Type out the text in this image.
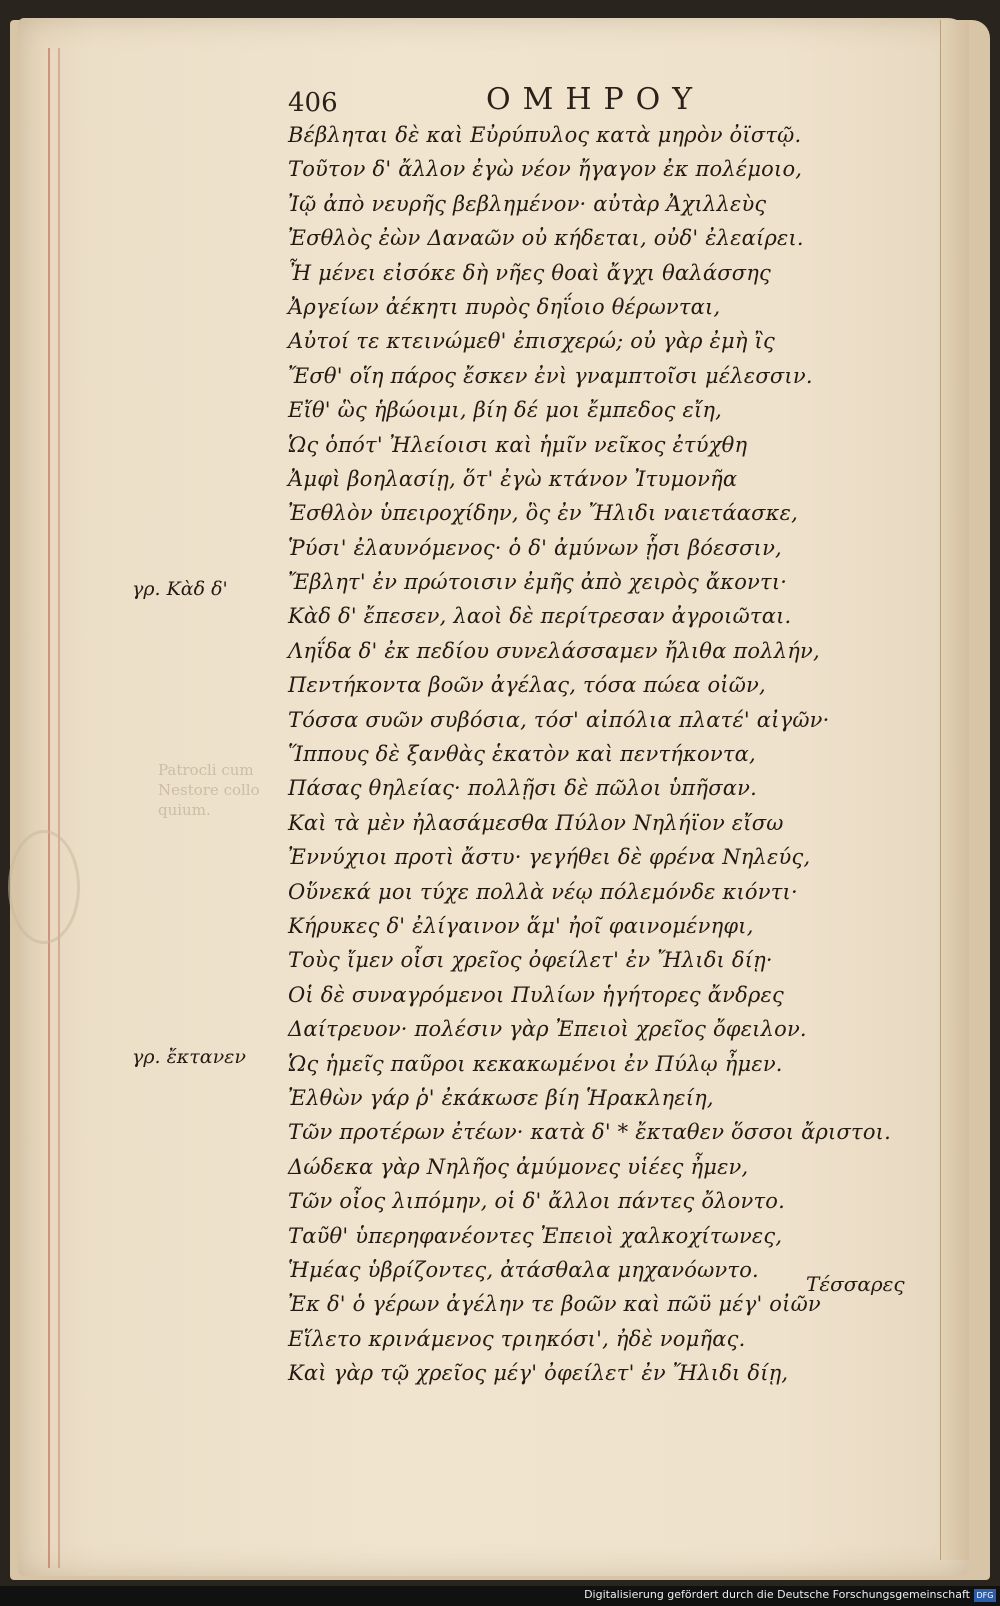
406	ΟΜΗΡΟΥ
Βέβληται δὲ καὶ Εὐρύπυλος κατὰ μηρὸν ὀϊστῷ.
Τοῦτον δ' ἄλλον ἐγὼ νέον ἤγαγον ἐκ πολέμοιο,
Ἰῷ ἀπὸ νευρῆς βεβλημένον· αὐτὰρ Ἀχιλλεὺς
Ἐσθλὸς ἐὼν Δαναῶν οὐ κήδεται, οὐδ' ἐλεαίρει.
Ἦ μένει εἰσόκε δὴ νῆες θοαὶ ἄγχι θαλάσσης
Ἀργείων ἀέκητι πυρὸς δηΐοιο θέρωνται,
Αὐτοί τε κτεινώμεθ' ἐπισχερώ; οὐ γὰρ ἐμὴ ἲς
Ἔσθ' οἵη πάρος ἔσκεν ἐνὶ γναμπτοῖσι μέλεσσιν.
Εἴθ' ὣς ἡβώοιμι, βίη δέ μοι ἔμπεδος εἴη,
Ὡς ὁπότ' Ἠλείοισι καὶ ἡμῖν νεῖκος ἐτύχθη
Ἀμφὶ βοηλασίῃ, ὅτ' ἐγὼ κτάνον Ἰτυμονῆα
Ἐσθλὸν ὑπειροχίδην, ὃς ἐν Ἤλιδι ναιετάασκε,
Ῥύσι' ἐλαυνόμενος· ὁ δ' ἀμύνων ᾗσι βόεσσιν,
Ἔβλητ' ἐν πρώτοισιν ἐμῆς ἀπὸ χειρὸς ἄκοντι·
Κὰδ δ' ἔπεσεν, λαοὶ δὲ περίτρεσαν ἀγροιῶται.
Ληΐδα δ' ἐκ πεδίου συνελάσσαμεν ἤλιθα πολλήν,
Πεντήκοντα βοῶν ἀγέλας, τόσα πώεα οἰῶν,
Τόσσα συῶν συβόσια, τόσ' αἰπόλια πλατέ' αἰγῶν·
Ἵππους δὲ ξανθὰς ἑκατὸν καὶ πεντήκοντα,
Πάσας θηλείας· πολλῇσι δὲ πῶλοι ὑπῆσαν.
Καὶ τὰ μὲν ἠλασάμεσθα Πύλον Νηλήϊον εἴσω
Ἐννύχιοι προτὶ ἄστυ· γεγήθει δὲ φρένα Νηλεύς,
Οὕνεκά μοι τύχε πολλὰ νέῳ πόλεμόνδε κιόντι·
Κήρυκες δ' ἐλίγαινον ἅμ' ἠοῖ φαινομένηφι,
Τοὺς ἴμεν οἷσι χρεῖος ὀφείλετ' ἐν Ἤλιδι δίῃ·
Οἱ δὲ συναγρόμενοι Πυλίων ἡγήτορες ἄνδρες
Δαίτρευον· πολέσιν γὰρ Ἐπειοὶ χρεῖος ὄφειλον.
Ὡς ἡμεῖς παῦροι κεκακωμένοι ἐν Πύλῳ ἦμεν.
Ἐλθὼν γάρ ῥ' ἐκάκωσε βίη Ἡρακληείη,
Τῶν προτέρων ἐτέων· κατὰ δ' * ἔκταθεν ὅσσοι ἄριστοι.
Δώδεκα γὰρ Νηλῆος ἀμύμονες υἱέες ἦμεν,
Τῶν οἶος λιπόμην, οἱ δ' ἄλλοι πάντες ὄλοντο.
Ταῦθ' ὑπερηφανέοντες Ἐπειοὶ χαλκοχίτωνες,
Ἡμέας ὑβρίζοντες, ἀτάσθαλα μηχανόωντο.
Ἐκ δ' ὁ γέρων ἀγέλην τε βοῶν καὶ πῶϋ μέγ' οἰῶν
Εἵλετο κρινάμενος τριηκόσι', ἠδὲ νομῆας.
Καὶ γὰρ τῷ χρεῖος μέγ' ὀφείλετ' ἐν Ἤλιδι δίῃ,
γρ. Κὰδ δ'
γρ. ἔκτανεν
Patrocli cum Nestore collo quium.
Τέσσαρες
Digitalisierung gefördert durch die Deutsche Forschungsgemeinschaft DFG
